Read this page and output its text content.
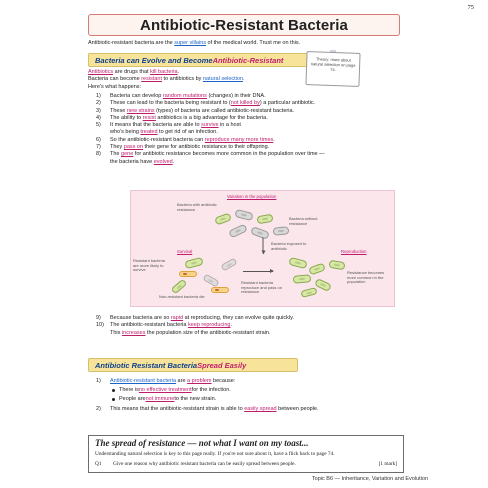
75
Antibiotic-Resistant Bacteria
Antibiotic-resistant bacteria are the super villains of the medical world. Trust me on this.
Bacteria can Evolve and Become Antibiotic-Resistant	Theory: more about natural selection on page 74.
Antibiotics are drugs that kill bacteria.
Bacteria can become resistant to antibiotics by natural selection.
Here's what happens:
1)	Bacteria can develop random mutations (changes) in their DNA.
2)	These can lead to the bacteria being resistant to (not killed by) a particular antibiotic.
3)	These new strains (types) of bacteria are called antibiotic-resistant bacteria.
4)	The ability to resist antibiotics is a big advantage for the bacteria.
5)	It means that the bacteria are able to survive in a host
who's being treated to get rid of an infection.
6)	So the antibiotic-resistant bacteria can reproduce many more times.
7)	They pass on their gene for antibiotic resistance to their offspring.
8)	The gene for antibiotic resistance becomes more common in the population over time —
the bacteria have evolved.
Variation in the population
Bacteria with antibiotic resistance
Bacteria without resistance
Bacteria exposed to antibiotic
Survival	Reproduction
Resistant bacteria are more likely to survive
Non-resistant bacteria die
Resistant bacteria reproduce and pass on resistance
Resistance becomes more common in the population
9)	Because bacteria are so rapid at reproducing, they can evolve quite quickly.
10)	The antibiotic-resistant bacteria keep reproducing.
This increases the population size of the antibiotic-resistant strain.
Antibiotic Resistant Bacteria Spread Easily
1) Antibiotic-resistant bacteria are a problem because:
There is no effective treatment for the infection.
People are not immune to the new strain.
2) This means that the antibiotic-resistant strain is able to easily spread between people.
The spread of resistance — not what I want on my toast...
Understanding natural selection is key to this page really. If you're not sure about it, have a flick back to page 74.
Q1	Give one reason why antibiotic resistant bacteria can be easily spread between people.	[1 mark]
Topic B6 — Inheritance, Variation and Evolution
